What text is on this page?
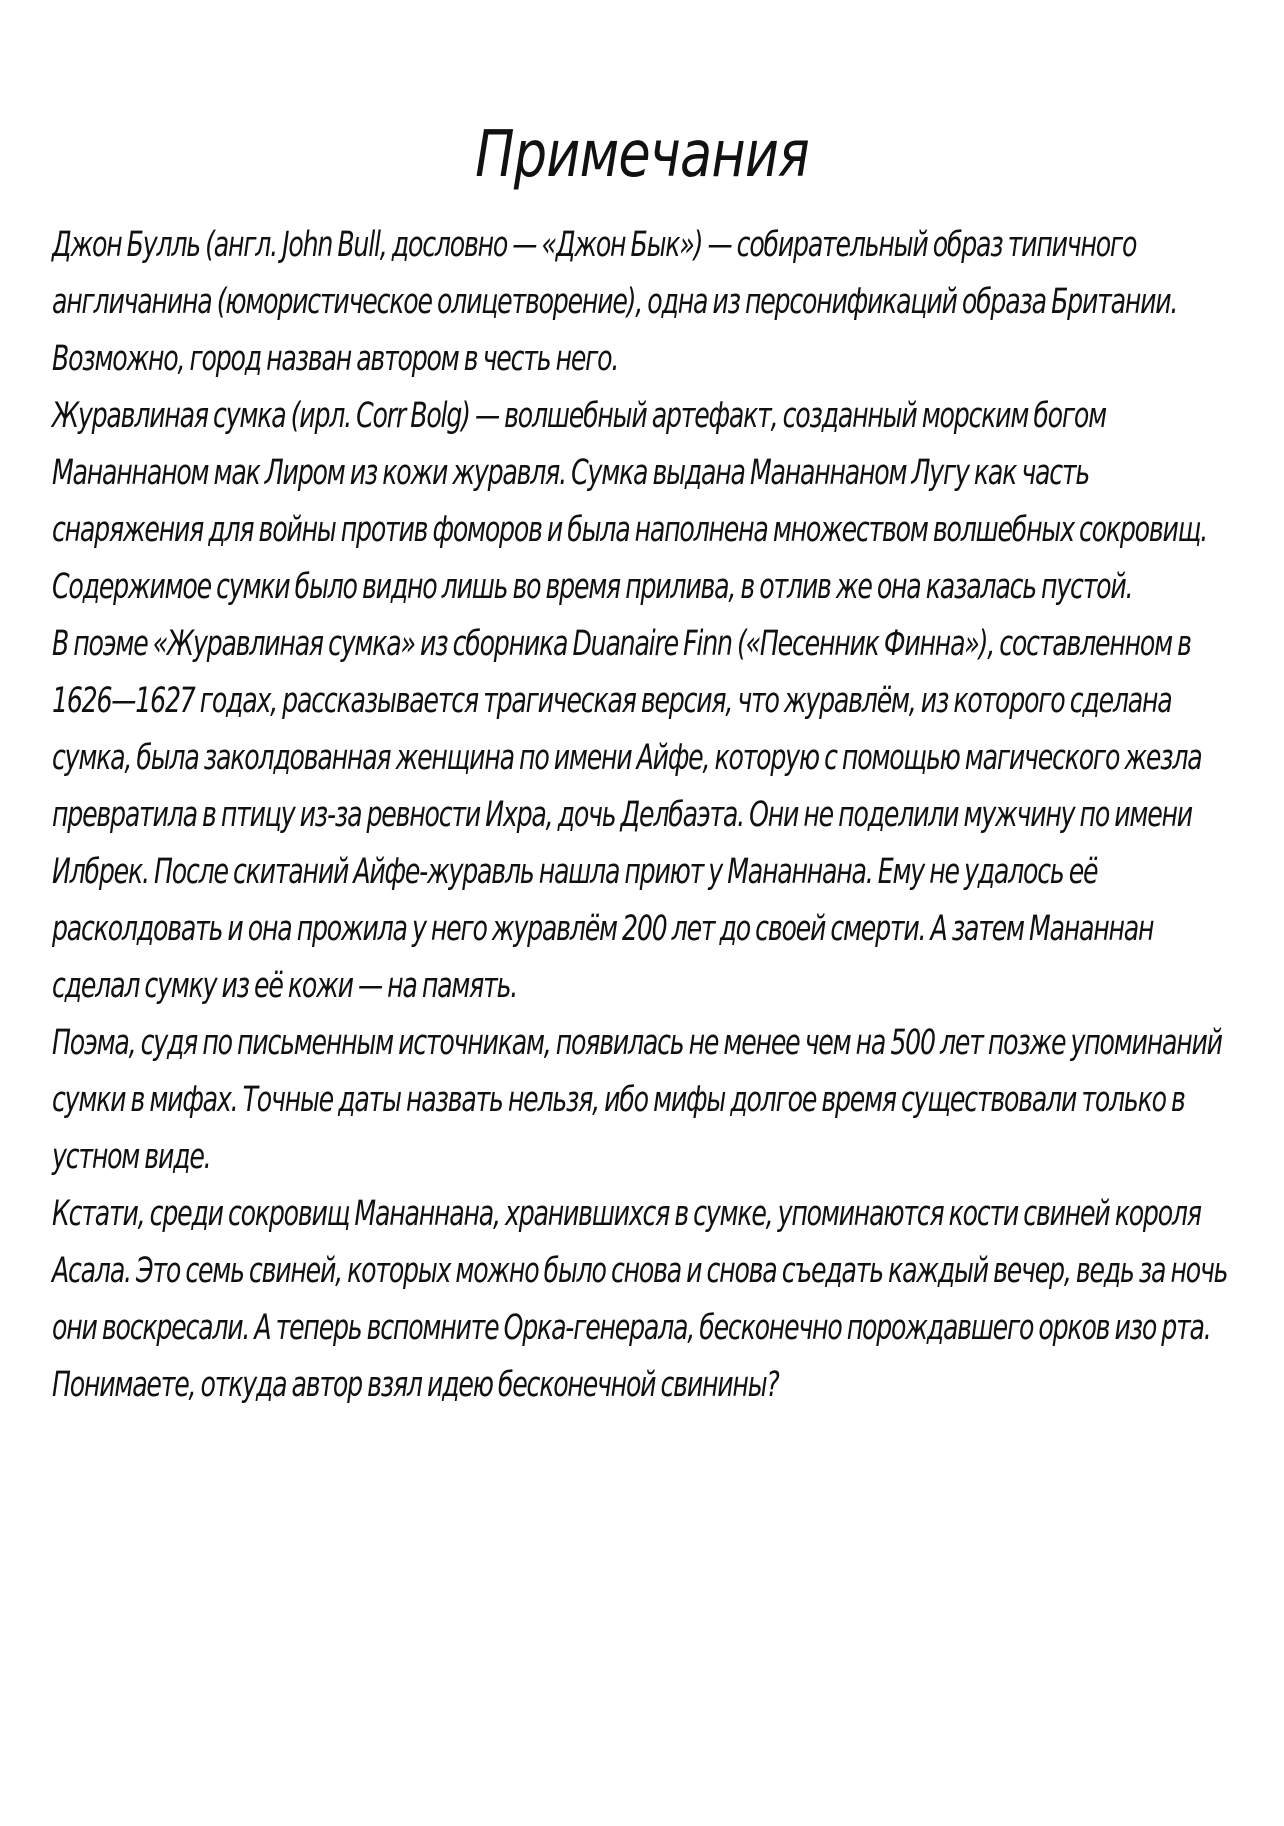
Примечания

Джон Булль (англ. John Bull, дословно — «Джон Бык») — собирательный образ типичного англичанина (юмористическое олицетворение), одна из персонификаций образа Британии. Возможно, город назван автором в честь него.

Журавлиная сумка (ирл. Corr Bolg) — волшебный артефакт, созданный морским богом Мананнаном мак Лиром из кожи журавля. Сумка выдана Мананнаном Лугу как часть снаряжения для войны против фоморов и была наполнена множеством волшебных сокровищ. Содержимое сумки было видно лишь во время прилива, в отлив же она казалась пустой.

В поэме «Журавлиная сумка» из сборника Duanaire Finn («Песенник Финна»), составленном в 1626—1627 годах, рассказывается трагическая версия, что журавлём, из которого сделана сумка, была заколдованная женщина по имени Айфе, которую с помощью магического жезла превратила в птицу из-за ревности Ихра, дочь Делбаэта. Они не поделили мужчину по имени Илбрек. После скитаний Айфе-журавль нашла приют у Мананнана. Ему не удалось её расколдовать и она прожила у него журавлём 200 лет до своей смерти. А затем Мананнан сделал сумку из её кожи — на память.

Поэма, судя по письменным источникам, появилась не менее чем на 500 лет позже упоминаний сумки в мифах. Точные даты назвать нельзя, ибо мифы долгое время существовали только в устном виде.

Кстати, среди сокровищ Мананнана, хранившихся в сумке, упоминаются кости свиней короля Асала. Это семь свиней, которых можно было снова и снова съедать каждый вечер, ведь за ночь они воскресали. А теперь вспомните Орка-генерала, бесконечно порождавшего орков изо рта. Понимаете, откуда автор взял идею бесконечной свинины?
